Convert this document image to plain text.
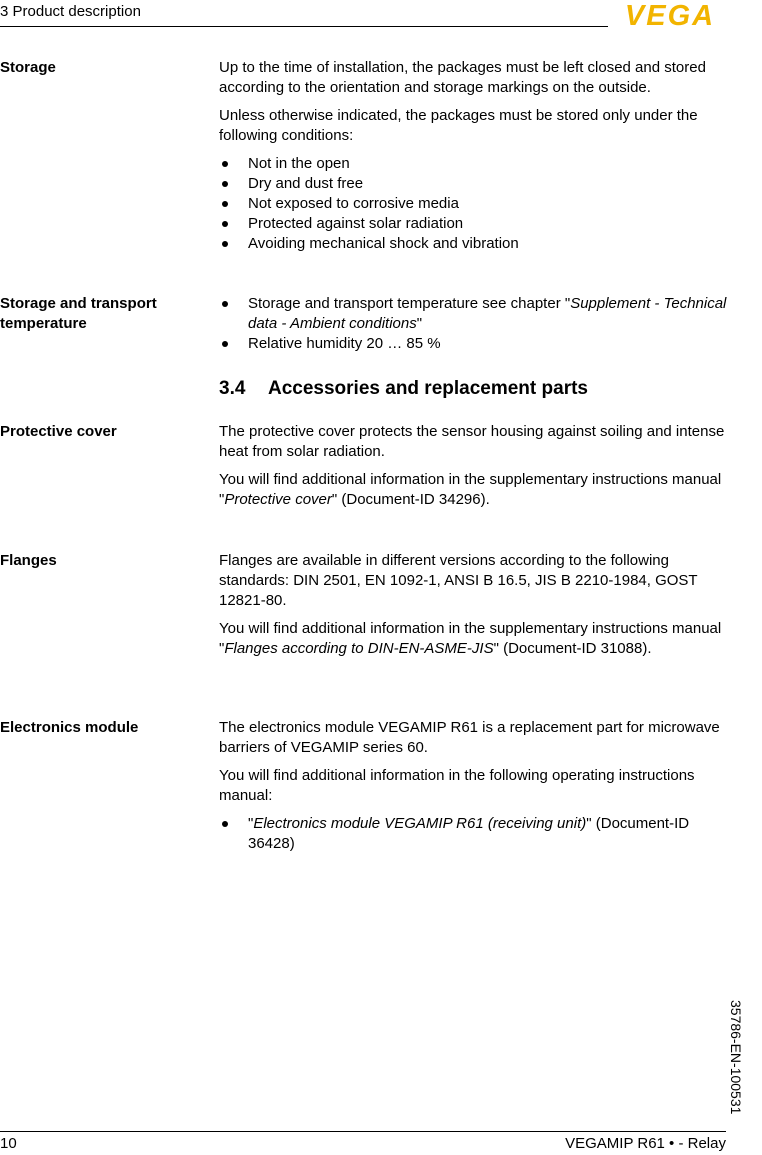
3 Product description	VEGA
Storage	Up to the time of installation, the packages must be left closed and stored according to the orientation and storage markings on the outside.

Unless otherwise indicated, the packages must be stored only under the following conditions:

Not in the open
Dry and dust free
Not exposed to corrosive media
Protected against solar radiation
Avoiding mechanical shock and vibration
Storage and transport temperature
Storage and transport temperature see chapter "Supplement - Technical data - Ambient conditions"
Relative humidity 20 … 85 %
3.4 Accessories and replacement parts
Protective cover	The protective cover protects the sensor housing against soiling and intense heat from solar radiation.

You will find additional information in the supplementary instructions manual "Protective cover" (Document-ID 34296).

Flanges	Flanges are available in different versions according to the following standards: DIN 2501, EN 1092-1, ANSI B 16.5, JIS B 2210-1984, GOST 12821-80.

You will find additional information in the supplementary instructions manual "Flanges according to DIN-EN-ASME-JIS" (Document-ID 31088).

Electronics module	The electronics module VEGAMIP R61 is a replacement part for microwave barriers of VEGAMIP series 60.

You will find additional information in the following operating instructions manual:

"Electronics module VEGAMIP R61 (receiving unit)" (Document-ID 36428)
35786-EN-100531
10	VEGAMIP R61 • - Relay
